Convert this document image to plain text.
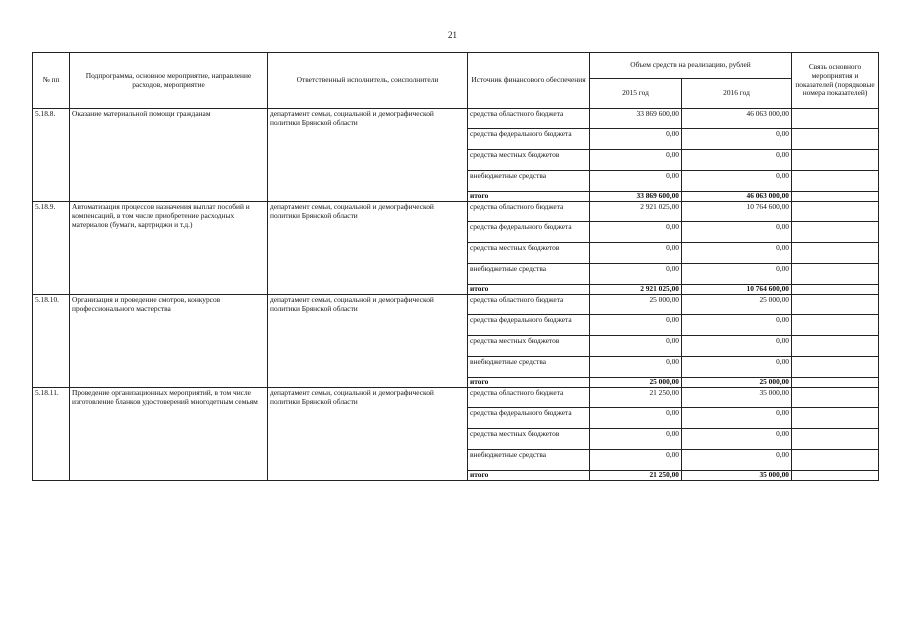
21
№ пп	Подпрограмма, основное мероприятие, направление расходов, мероприятие	Ответственный исполнитель, соисполнители	Источник финансового обеспечения	Объем средств на реализацию, рублей		Связь основного мероприятия и показателей (порядковые номера показателей)
				2015 год	2016 год	
5.18.8.	Оказание материальной помощи гражданам	департамент семьи, социальной и демографической политики Брянской области	средства областного бюджета	33 869 600,00	46 063 000,00	
			средства федерального бюджета	0,00	0,00	
			средства местных бюджетов	0,00	0,00	
			внебюджетные средства	0,00	0,00	
			итого	33 869 600,00	46 063 000,00	
5.18.9.	Автоматизация процессов назначения выплат пособий и компенсаций, в том числе приобретение расходных материалов (бумаги, картриджи и т.д.)	департамент семьи, социальной и демографической политики Брянской области	средства областного бюджета	2 921 025,00	10 764 600,00	
			средства федерального бюджета	0,00	0,00	
			средства местных бюджетов	0,00	0,00	
			внебюджетные средства	0,00	0,00	
			итого	2 921 025,00	10 764 600,00	
5.18.10.	Организация и проведение смотров, конкурсов профессионального мастерства	департамент семьи, социальной и демографической политики Брянской области	средства областного бюджета	25 000,00	25 000,00	
			средства федерального бюджета	0,00	0,00	
			средства местных бюджетов	0,00	0,00	
			внебюджетные средства	0,00	0,00	
			итого	25 000,00	25 000,00	
5.18.11.	Проведение организационных мероприятий, в том числе изготовление бланков удостоверений многодетным семьям	департамент семьи, социальной и демографической политики Брянской области	средства областного бюджета	21 250,00	35 000,00	
			средства федерального бюджета	0,00	0,00	
			средства местных бюджетов	0,00	0,00	
			внебюджетные средства	0,00	0,00	
			итого	21 250,00	35 000,00	
